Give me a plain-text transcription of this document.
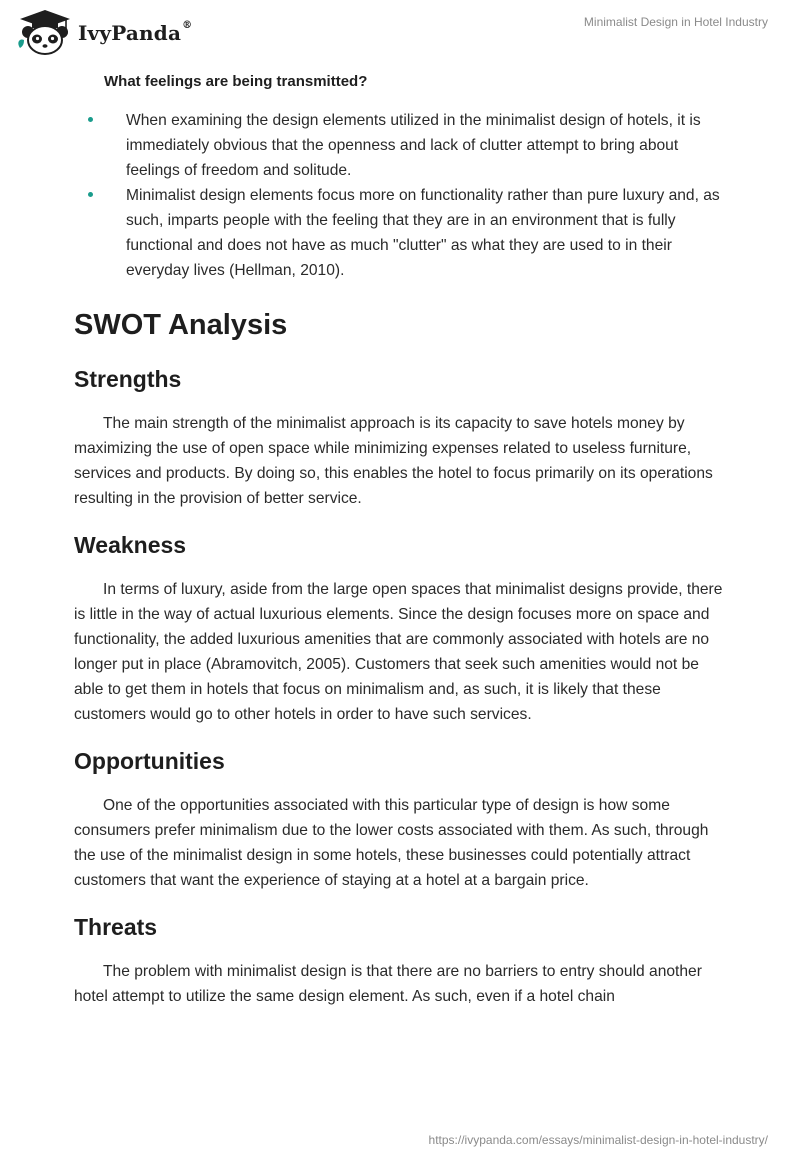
IvyPanda®	Minimalist Design in Hotel Industry

What feelings are being transmitted?

When examining the design elements utilized in the minimalist design of hotels, it is immediately obvious that the openness and lack of clutter attempt to bring about feelings of freedom and solitude.
Minimalist design elements focus more on functionality rather than pure luxury and, as such, imparts people with the feeling that they are in an environment that is fully functional and does not have as much "clutter" as what they are used to in their everyday lives (Hellman, 2010).
SWOT Analysis
Strengths

The main strength of the minimalist approach is its capacity to save hotels money by maximizing the use of open space while minimizing expenses related to useless furniture, services and products. By doing so, this enables the hotel to focus primarily on its operations resulting in the provision of better service.

Weakness

In terms of luxury, aside from the large open spaces that minimalist designs provide, there is little in the way of actual luxurious elements. Since the design focuses more on space and functionality, the added luxurious amenities that are commonly associated with hotels are no longer put in place (Abramovitch, 2005). Customers that seek such amenities would not be able to get them in hotels that focus on minimalism and, as such, it is likely that these customers would go to other hotels in order to have such services.

Opportunities

One of the opportunities associated with this particular type of design is how some consumers prefer minimalism due to the lower costs associated with them. As such, through the use of the minimalist design in some hotels, these businesses could potentially attract customers that want the experience of staying at a hotel at a bargain price.

Threats

The problem with minimalist design is that there are no barriers to entry should another hotel attempt to utilize the same design element. As such, even if a hotel chain

https://ivypanda.com/essays/minimalist-design-in-hotel-industry/
